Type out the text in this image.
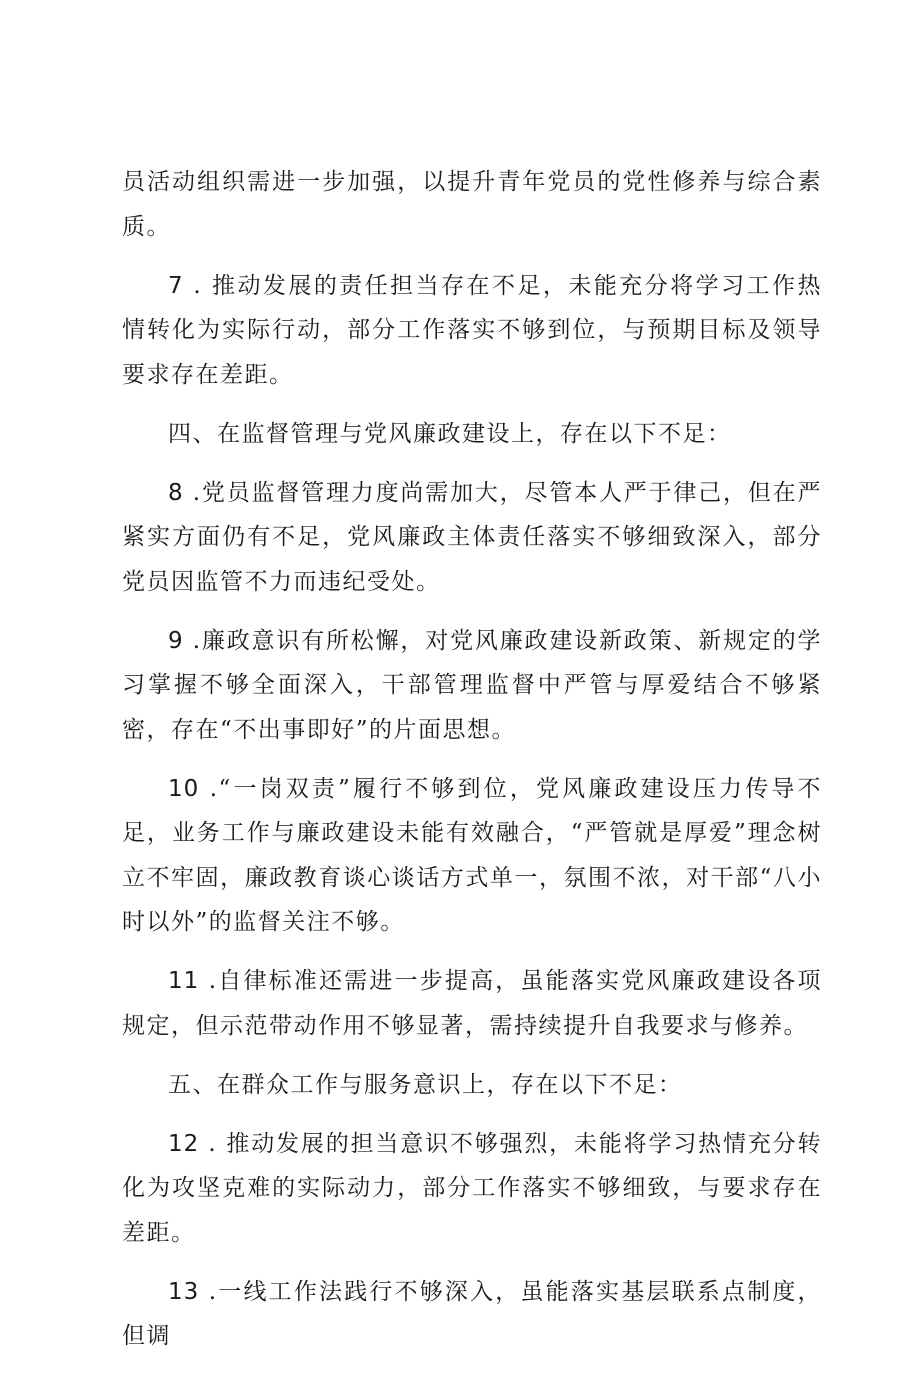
员活动组织需进一步加强，以提升青年党员的党性修养与综合素质。

7 . 推动发展的责任担当存在不足，未能充分将学习工作热情转化为实际行动，部分工作落实不够到位，与预期目标及领导要求存在差距。

四、在监督管理与党风廉政建设上，存在以下不足：

8 .党员监督管理力度尚需加大，尽管本人严于律己，但在严紧实方面仍有不足，党风廉政主体责任落实不够细致深入，部分党员因监管不力而违纪受处。

9 .廉政意识有所松懈，对党风廉政建设新政策、新规定的学习掌握不够全面深入，干部管理监督中严管与厚爱结合不够紧密，存在“不出事即好”的片面思想。

10 .“一岗双责”履行不够到位，党风廉政建设压力传导不足，业务工作与廉政建设未能有效融合，“严管就是厚爱”理念树立不牢固，廉政教育谈心谈话方式单一，氛围不浓，对干部“八小时以外”的监督关注不够。

11 .自律标准还需进一步提高，虽能落实党风廉政建设各项规定，但示范带动作用不够显著，需持续提升自我要求与修养。

五、在群众工作与服务意识上，存在以下不足：

12 . 推动发展的担当意识不够强烈，未能将学习热情充分转化为攻坚克难的实际动力，部分工作落实不够细致，与要求存在差距。

13 .一线工作法践行不够深入，虽能落实基层联系点制度，但调
